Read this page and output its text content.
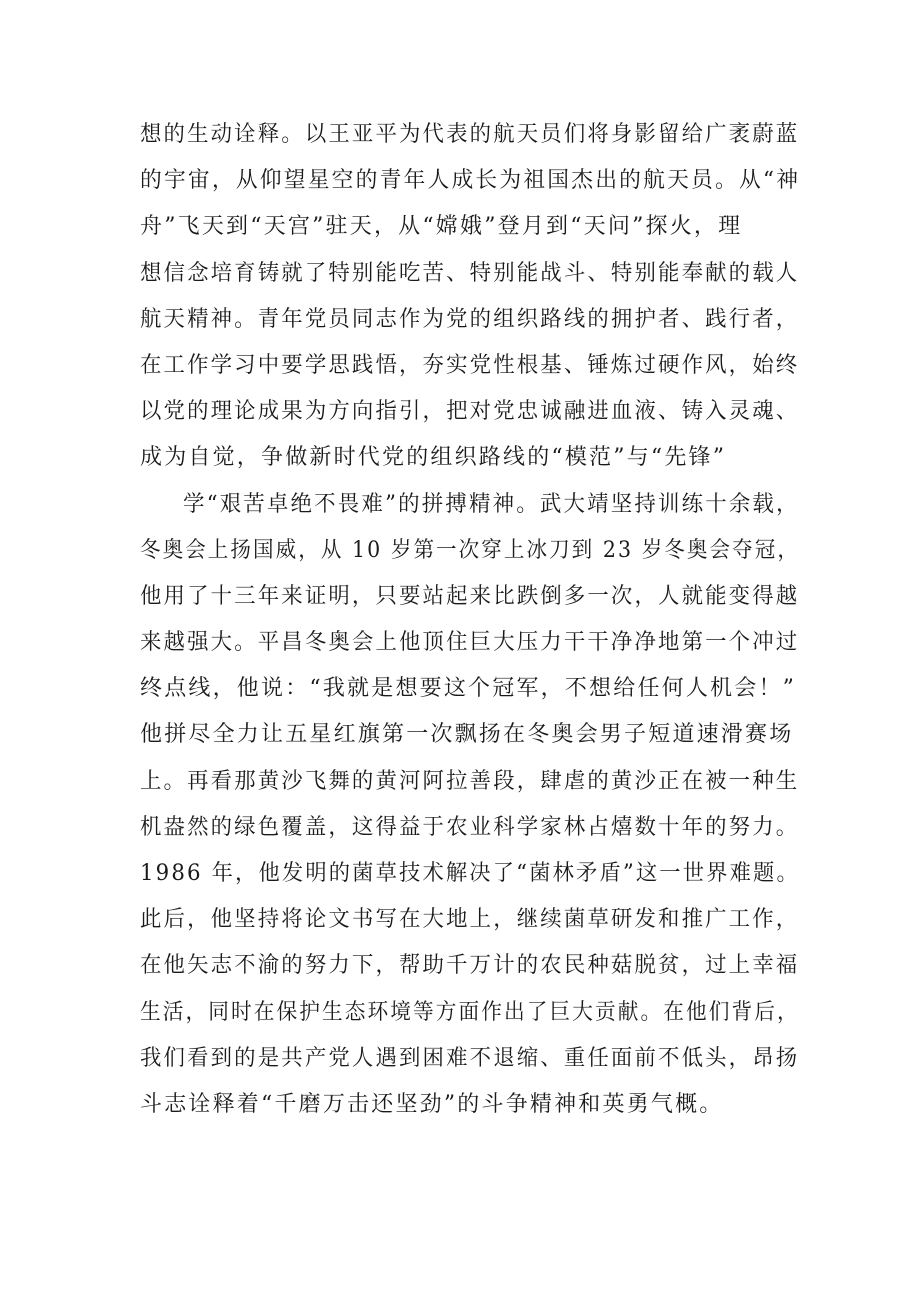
想的生动诠释。以王亚平为代表的航天员们将身影留给广袤蔚蓝
的宇宙，从仰望星空的青年人成长为祖国杰出的航天员。从“神
舟”飞天到“天宫”驻天，从“嫦娥”登月到“天问”探火，理
想信念培育铸就了特别能吃苦、特别能战斗、特别能奉献的载人
航天精神。青年党员同志作为党的组织路线的拥护者、践行者，
在工作学习中要学思践悟，夯实党性根基、锤炼过硬作风，始终
以党的理论成果为方向指引，把对党忠诚融进血液、铸入灵魂、
成为自觉，争做新时代党的组织路线的“模范”与“先锋”
学“艰苦卓绝不畏难”的拼搏精神。武大靖坚持训练十余载，
冬奥会上扬国威，从 10 岁第一次穿上冰刀到 23 岁冬奥会夺冠，
他用了十三年来证明，只要站起来比跌倒多一次，人就能变得越
来越强大。平昌冬奥会上他顶住巨大压力干干净净地第一个冲过
终点线，他说：“我就是想要这个冠军，不想给任何人机会！”
他拼尽全力让五星红旗第一次飘扬在冬奥会男子短道速滑赛场
上。再看那黄沙飞舞的黄河阿拉善段，肆虐的黄沙正在被一种生
机盎然的绿色覆盖，这得益于农业科学家林占熺数十年的努力。
1986 年，他发明的菌草技术解决了“菌林矛盾”这一世界难题。
此后，他坚持将论文书写在大地上，继续菌草研发和推广工作，
在他矢志不渝的努力下，帮助千万计的农民种菇脱贫，过上幸福
生活，同时在保护生态环境等方面作出了巨大贡献。在他们背后，
我们看到的是共产党人遇到困难不退缩、重任面前不低头，昂扬
斗志诠释着“千磨万击还坚劲”的斗争精神和英勇气概。
